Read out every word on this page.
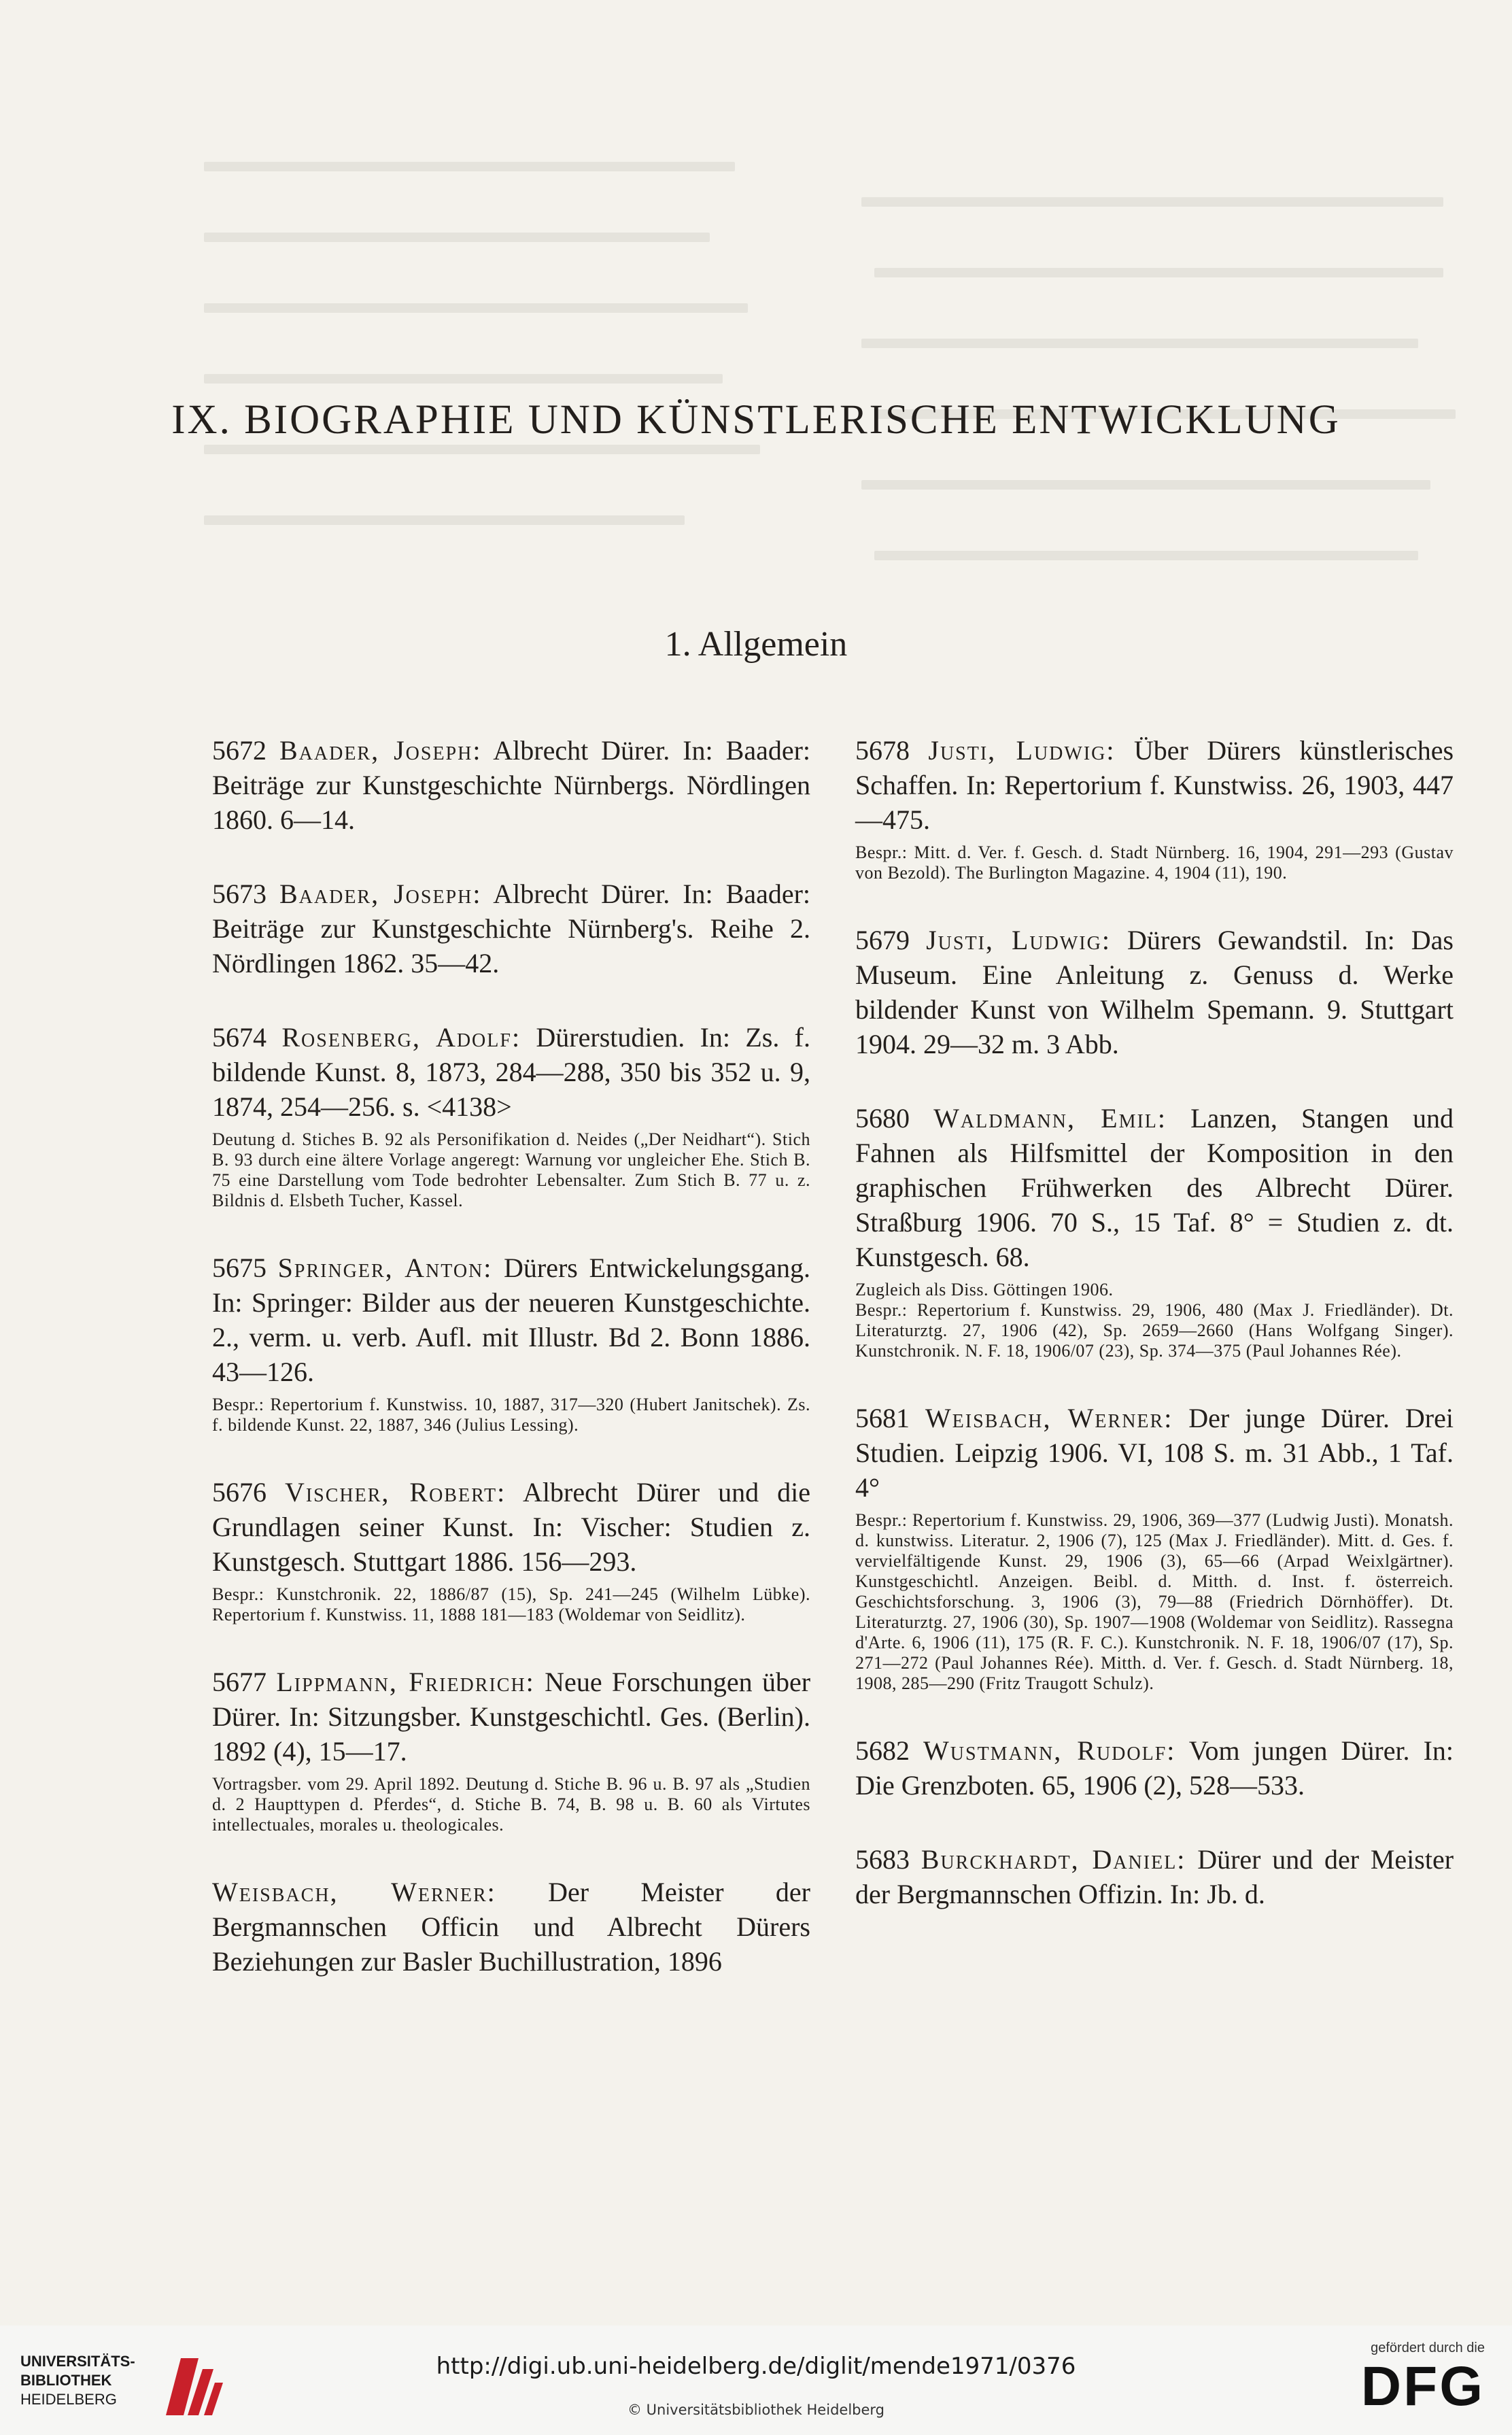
IX. BIOGRAPHIE UND KÜNSTLERISCHE ENTWICKLUNG
1. Allgemein

5672 Baader, Joseph: Albrecht Dürer. In: Baader: Beiträge zur Kunstgeschichte Nürnbergs. Nördlingen 1860. 6—14.

5673 Baader, Joseph: Albrecht Dürer. In: Baader: Beiträge zur Kunstgeschichte Nürnberg's. Reihe 2. Nördlingen 1862. 35—42.

5674 Rosenberg, Adolf: Dürerstudien. In: Zs. f. bildende Kunst. 8, 1873, 284—288, 350 bis 352 u. 9, 1874, 254—256. s. <4138>

Deutung d. Stiches B. 92 als Personifikation d. Neides („Der Neidhart“). Stich B. 93 durch eine ältere Vorlage angeregt: Warnung vor ungleicher Ehe. Stich B. 75 eine Darstellung vom Tode bedrohter Lebensalter. Zum Stich B. 77 u. z. Bildnis d. Elsbeth Tucher, Kassel.

5675 Springer, Anton: Dürers Entwickelungsgang. In: Springer: Bilder aus der neueren Kunstgeschichte. 2., verm. u. verb. Aufl. mit Illustr. Bd 2. Bonn 1886. 43—126.

Bespr.: Repertorium f. Kunstwiss. 10, 1887, 317—320 (Hubert Janitschek). Zs. f. bildende Kunst. 22, 1887, 346 (Julius Lessing).

5676 Vischer, Robert: Albrecht Dürer und die Grundlagen seiner Kunst. In: Vischer: Studien z. Kunstgesch. Stuttgart 1886. 156—293.

Bespr.: Kunstchronik. 22, 1886/87 (15), Sp. 241—245 (Wilhelm Lübke). Repertorium f. Kunstwiss. 11, 1888 181—183 (Woldemar von Seidlitz).

5677 Lippmann, Friedrich: Neue Forschungen über Dürer. In: Sitzungsber. Kunstgeschichtl. Ges. (Berlin). 1892 (4), 15—17.

Vortragsber. vom 29. April 1892. Deutung d. Stiche B. 96 u. B. 97 als „Studien d. 2 Haupttypen d. Pferdes“, d. Stiche B. 74, B. 98 u. B. 60 als Virtutes intellectuales, morales u. theologicales.

Weisbach, Werner: Der Meister der Bergmannschen Officin und Albrecht Dürers Beziehungen zur Basler Buchillustration, 1896

5678 Justi, Ludwig: Über Dürers künstlerisches Schaffen. In: Repertorium f. Kunstwiss. 26, 1903, 447—475.

Bespr.: Mitt. d. Ver. f. Gesch. d. Stadt Nürnberg. 16, 1904, 291—293 (Gustav von Bezold). The Burlington Magazine. 4, 1904 (11), 190.

5679 Justi, Ludwig: Dürers Gewandstil. In: Das Museum. Eine Anleitung z. Genuss d. Werke bildender Kunst von Wilhelm Spemann. 9. Stuttgart 1904. 29—32 m. 3 Abb.

5680 Waldmann, Emil: Lanzen, Stangen und Fahnen als Hilfsmittel der Komposition in den graphischen Frühwerken des Albrecht Dürer. Straßburg 1906. 70 S., 15 Taf. 8° = Studien z. dt. Kunstgesch. 68.

Zugleich als Diss. Göttingen 1906.
Bespr.: Repertorium f. Kunstwiss. 29, 1906, 480 (Max J. Friedländer). Dt. Literaturztg. 27, 1906 (42), Sp. 2659—2660 (Hans Wolfgang Singer). Kunstchronik. N. F. 18, 1906/07 (23), Sp. 374—375 (Paul Johannes Rée).

5681 Weisbach, Werner: Der junge Dürer. Drei Studien. Leipzig 1906. VI, 108 S. m. 31 Abb., 1 Taf. 4°

Bespr.: Repertorium f. Kunstwiss. 29, 1906, 369—377 (Ludwig Justi). Monatsh. d. kunstwiss. Literatur. 2, 1906 (7), 125 (Max J. Friedländer). Mitt. d. Ges. f. vervielfältigende Kunst. 29, 1906 (3), 65—66 (Arpad Weixlgärtner). Kunstgeschichtl. Anzeigen. Beibl. d. Mitth. d. Inst. f. österreich. Geschichtsforschung. 3, 1906 (3), 79—88 (Friedrich Dörnhöffer). Dt. Literaturztg. 27, 1906 (30), Sp. 1907—1908 (Woldemar von Seidlitz). Rassegna d'Arte. 6, 1906 (11), 175 (R. F. C.). Kunstchronik. N. F. 18, 1906/07 (17), Sp. 271—272 (Paul Johannes Rée). Mitth. d. Ver. f. Gesch. d. Stadt Nürnberg. 18, 1908, 285—290 (Fritz Traugott Schulz).

5682 Wustmann, Rudolf: Vom jungen Dürer. In: Die Grenzboten. 65, 1906 (2), 528—533.

5683 Burckhardt, Daniel: Dürer und der Meister der Bergmannschen Offizin. In: Jb. d.

UNIVERSITÄTS-
BIBLIOTHEK
HEIDELBERG
http://digi.ub.uni-heidelberg.de/diglit/mende1971/0376
© Universitätsbibliothek Heidelberg
gefördert durch die
DFG
